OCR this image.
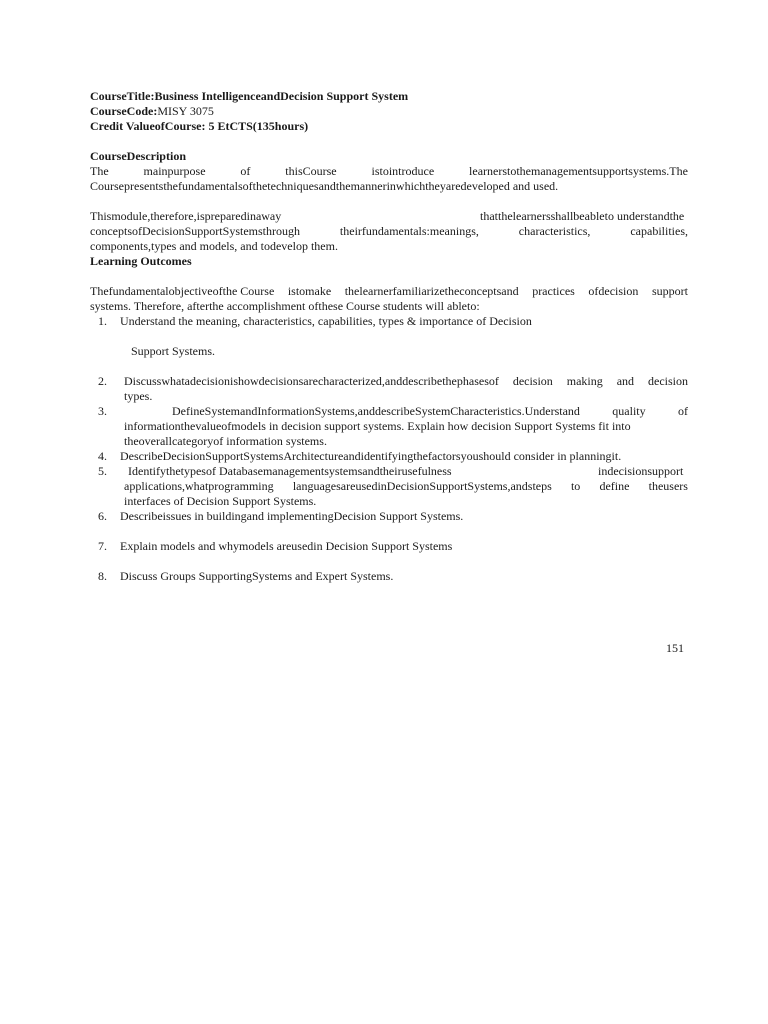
CourseTitle:Business IntelligenceandDecision Support System
CourseCode:MISY 3075
Credit ValueofCourse: 5 EtCTS(135hours)
CourseDescription
The	mainpurpose	of	thisCourse	istointroduce	learnerstothemanagementsupportsystems.The
Coursepresentsthefundamentalsofthetechniquesandthemannerinwhichtheyaredeveloped and used.
Thismodule,therefore,ispreparedinaway	thatthelearnersshallbeableto understandthe
conceptsofDecisionSupportSystemsthrough	theirfundamentals:meanings,	characteristics,	capabilities,
components,types and models, and todevelop them.
Learning Outcomes
Thefundamentalobjectiveofthe Course istomake thelearnerfamiliarizetheconceptsand practices ofdecision support
systems. Therefore, afterthe accomplishment ofthese Course students will ableto:
1.	Understand the meaning, characteristics, capabilities, types & importance of Decision
Support Systems.
2.	Discusswhatadecisionishowdecisionsarecharacterized,anddescribethephasesof decision making and decision
types.
3.	DefineSystemandInformationSystems,anddescribeSystemCharacteristics.Understand	quality	of
informationthevalueofmodels in decision support systems. Explain how decision Support Systems fit into
theoverallcategoryof information systems.
4.	DescribeDecisionSupportSystemsArchitectureandidentifyingthefactorsyoushould consider in planningit.
5.	Identifythetypesof Databasemanagementsystemsandtheirusefulness	indecisionsupport
applications,whatprogramming languagesareusedinDecisionSupportSystems,andsteps to define theusers
interfaces of Decision Support Systems.
6.	Describeissues in buildingand implementingDecision Support Systems.
7.	Explain models and whymodels areusedin Decision Support Systems
8.	Discuss Groups SupportingSystems and Expert Systems.
151
